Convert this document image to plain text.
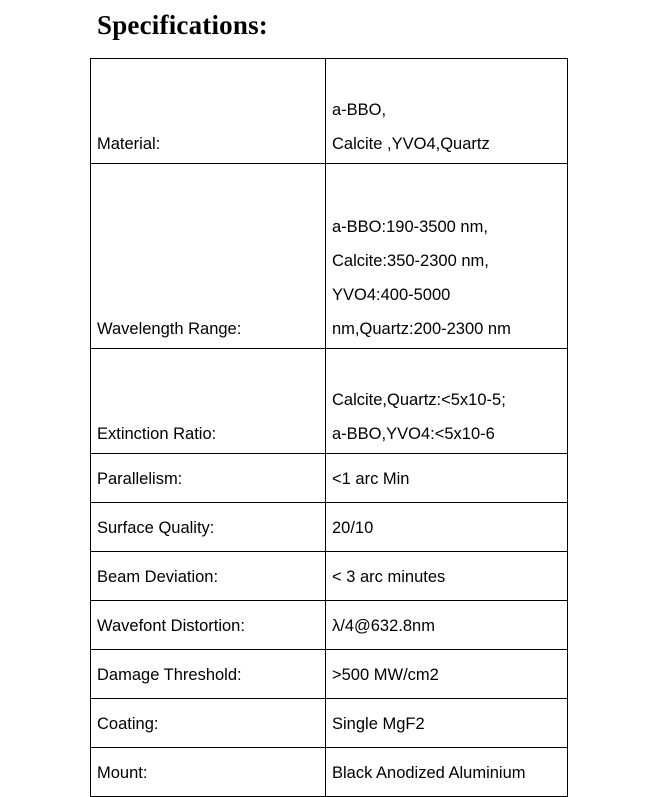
Specifications:
Material:	a-BBO,
Calcite ,YVO4,Quartz

Wavelength Range:	a-BBO:190-3500 nm,
Calcite:350-2300 nm,
YVO4:400-5000
nm,Quartz:200-2300 nm

Extinction Ratio:	Calcite,Quartz:<5x10-5;
a-BBO,YVO4:<5x10-6

Parallelism:	<1 arc Min
Surface Quality:	20/10
Beam Deviation:	< 3 arc minutes
Wavefont Distortion:	λ/4@632.8nm
Damage Threshold:	>500 MW/cm2
Coating:	Single MgF2
Mount:	Black Anodized Aluminium
